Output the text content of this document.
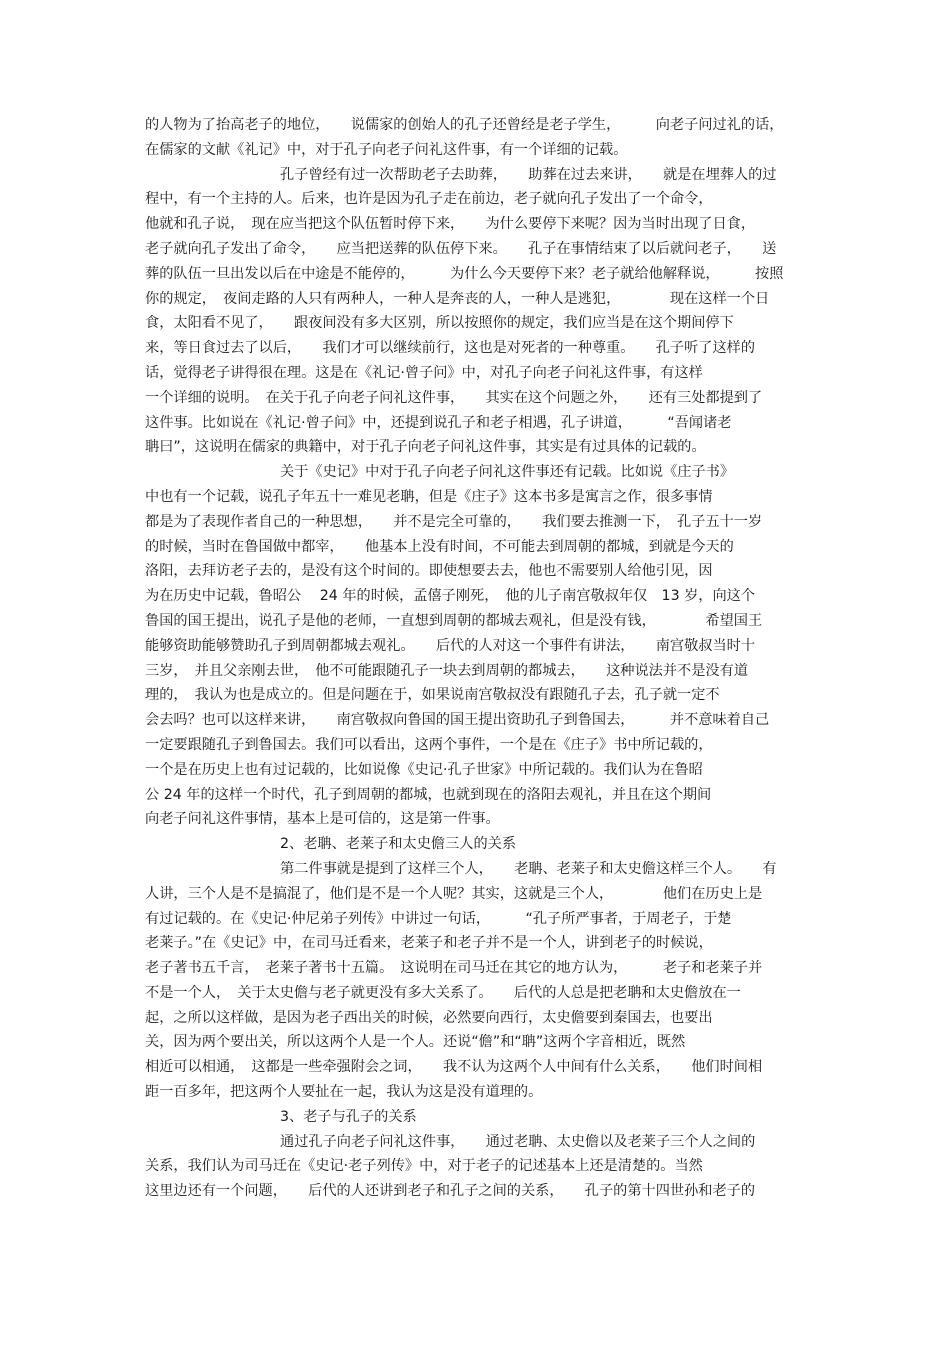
的人物为了抬高老子的地位，　　说儒家的创始人的孔子还曾经是老子学生，　　　向老子问过礼的话，
在儒家的文献《礼记》中，对于孔子向老子问礼这件事，有一个详细的记载。
孔子曾经有过一次帮助老子去助葬，　　助葬在过去来讲，　　就是在埋葬人的过
程中，有一个主持的人。后来，也许是因为孔子走在前边，老子就向孔子发出了一个命令，
他就和孔子说，　现在应当把这个队伍暂时停下来，　　为什么要停下来呢？因为当时出现了日食，
老子就向孔子发出了命令，　　应当把送葬的队伍停下来。　　孔子在事情结束了以后就问老子，　　送
葬的队伍一旦出发以后在中途是不能停的，　　　为什么今天要停下来？老子就给他解释说，　　　按照
你的规定，　夜间走路的人只有两种人，一种人是奔丧的人，一种人是逃犯，　　　　现在这样一个日
食，太阳看不见了，　　跟夜间没有多大区别，所以按照你的规定，我们应当是在这个期间停下
来，等日食过去了以后，　　我们才可以继续前行，这也是对死者的一种尊重。　　孔子听了这样的
话，觉得老子讲得很在理。这是在《礼记·曾子问》中，对孔子向老子问礼这件事，有这样
一个详细的说明。　在关于孔子向老子问礼这件事，　　其实在这个问题之外，　　还有三处都提到了
这件事。比如说在《礼记·曾子问》中，还提到说孔子和老子相遇，孔子讲道，　　　“吾闻诸老
聃曰”，这说明在儒家的典籍中，对于孔子向老子问礼这件事，其实是有过具体的记载的。
关于《史记》中对于孔子向老子问礼这件事还有记载。比如说《庄子书》
中也有一个记载，说孔子年五十一难见老聃，但是《庄子》这本书多是寓言之作，很多事情
都是为了表现作者自己的一种思想，　　并不是完全可靠的，　　我们要去推测一下，　孔子五十一岁
的时候，当时在鲁国做中都宰，　　他基本上没有时间，不可能去到周朝的都城，到就是今天的
洛阳，去拜访老子去的，是没有这个时间的。即使想要去去，他也不需要别人给他引见，因
为在历史中记载，鲁昭公　 24 年的时候，孟僖子刚死，　他的儿子南宫敬叔年仅　13 岁，向这个
鲁国的国王提出，说孔子是他的老师，一直想到周朝的都城去观礼，但是没有钱，　　　　希望国王
能够资助能够赞助孔子到周朝都城去观礼。　　后代的人对这一个事件有讲法，　　南宫敬叔当时十
三岁，　并且父亲刚去世，　他不可能跟随孔子一块去到周朝的都城去，　　这种说法并不是没有道
理的，　我认为也是成立的。但是问题在于，如果说南宫敬叔没有跟随孔子去，孔子就一定不
会去吗？也可以这样来讲，　　南宫敬叔向鲁国的国王提出资助孔子到鲁国去，　　　并不意味着自己
一定要跟随孔子到鲁国去。我们可以看出，这两个事件，一个是在《庄子》书中所记载的，
一个是在历史上也有过记载的，比如说像《史记·孔子世家》中所记载的。我们认为在鲁昭
公 24 年的这样一个时代，孔子到周朝的都城，也就到现在的洛阳去观礼，并且在这个期间
向老子问礼这件事情，基本上是可信的，这是第一件事。
2、老聃、老莱子和太史儋三人的关系
第二件事就是提到了这样三个人，　　老聃、老莱子和太史儋这样三个人。　　有
人讲，三个人是不是搞混了，他们是不是一个人呢？其实，这就是三个人，　　　　他们在历史上是
有过记载的。在《史记·仲尼弟子列传》中讲过一句话，　　　“孔子所严事者，于周老子，于楚
老莱子。”在《史记》中，在司马迁看来，老莱子和老子并不是一个人，讲到老子的时候说，
老子著书五千言，　老莱子著书十五篇。　这说明在司马迁在其它的地方认为，　　　老子和老莱子并
不是一个人，　关于太史儋与老子就更没有多大关系了。　　后代的人总是把老聃和太史儋放在一
起，之所以这样做，是因为老子西出关的时候，必然要向西行，太史儋要到秦国去，也要出
关，因为两个要出关，所以这两个人是一个人。还说“儋”和“聃”这两个字音相近，既然
相近可以相通，　这都是一些牵强附会之词，　　我不认为这两个人中间有什么关系，　　他们时间相
距一百多年，把这两个人要扯在一起，我认为这是没有道理的。
3、老子与孔子的关系
通过孔子向老子问礼这件事，　　通过老聃、太史儋以及老莱子三个人之间的
关系，我们认为司马迁在《史记·老子列传》中，对于老子的记述基本上还是清楚的。当然
这里边还有一个问题，　　后代的人还讲到老子和孔子之间的关系，　　孔子的第十四世孙和老子的
